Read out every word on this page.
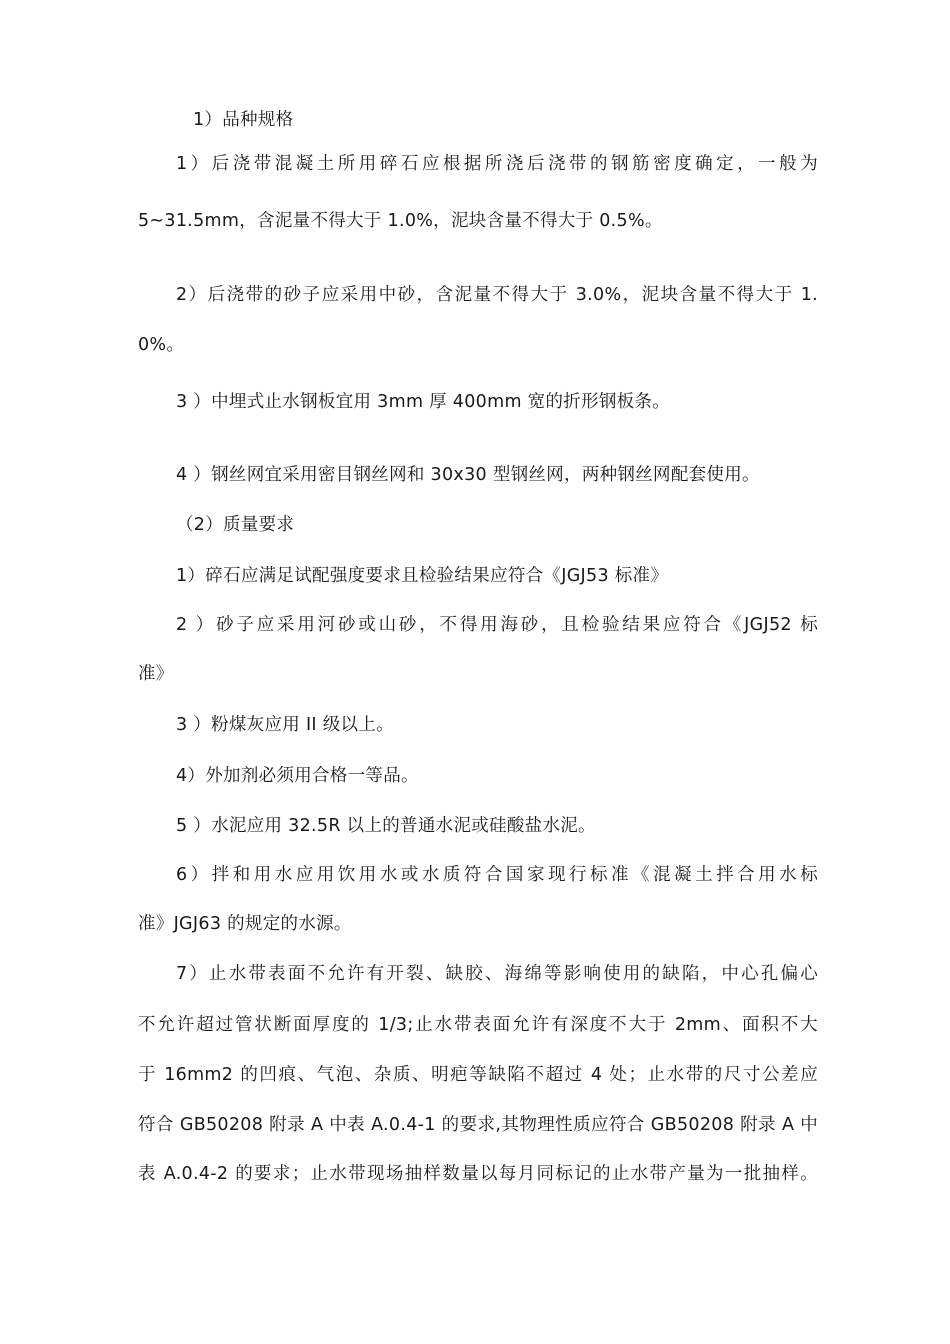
1）品种规格
1）后浇带混凝土所用碎石应根据所浇后浇带的钢筋密度确定，一般为
5~31.5mm，含泥量不得大于 1.0%，泥块含量不得大于 0.5%。
2）后浇带的砂子应采用中砂，含泥量不得大于 3.0%，泥块含量不得大于 1.
0%。
3 ）中埋式止水钢板宜用 3mm 厚 400mm 宽的折形钢板条。
4 ）钢丝网宜采用密目钢丝网和 30x30 型钢丝网，两种钢丝网配套使用。
（2）质量要求
1）碎石应满足试配强度要求且检验结果应符合《JGJ53 标准》
2 ）砂子应采用河砂或山砂，不得用海砂，且检验结果应符合《JGJ52 标
准》
3 ）粉煤灰应用 II 级以上。
4）外加剂必须用合格一等品。
5 ）水泥应用 32.5R 以上的普通水泥或硅酸盐水泥。
6）拌和用水应用饮用水或水质符合国家现行标准《混凝土拌合用水标
准》JGJ63 的规定的水源。
7）止水带表面不允许有开裂、缺胶、海绵等影响使用的缺陷，中心孔偏心
不允许超过管状断面厚度的 1/3;止水带表面允许有深度不大于 2mm、面积不大
于 16mm2 的凹痕、气泡、杂质、明疤等缺陷不超过 4 处；止水带的尺寸公差应
符合 GB50208 附录 A 中表 A.0.4-1 的要求,其物理性质应符合 GB50208 附录 A 中
表 A.0.4-2 的要求；止水带现场抽样数量以每月同标记的止水带产量为一批抽样。
